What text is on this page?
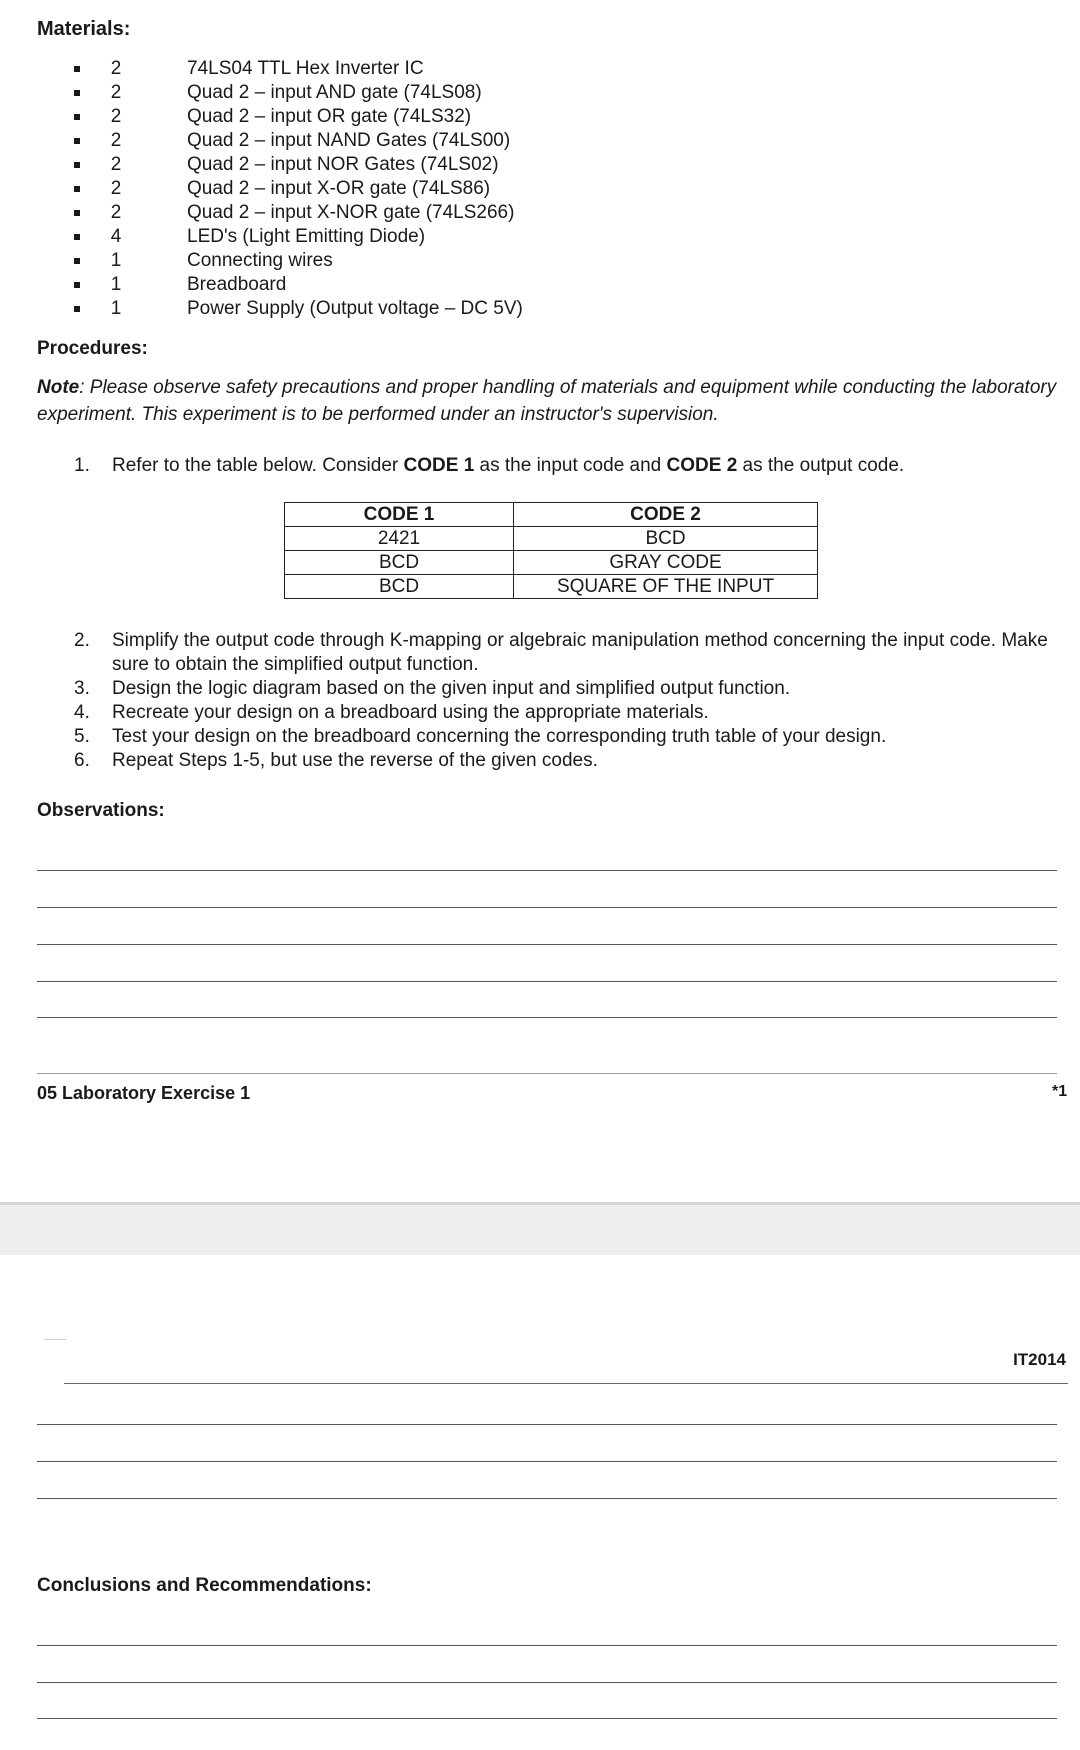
Materials:
2	74LS04 TTL Hex Inverter IC
2	Quad 2 – input AND gate (74LS08)
2	Quad 2 – input OR gate (74LS32)
2	Quad 2 – input NAND Gates (74LS00)
2	Quad 2 – input NOR Gates (74LS02)
2	Quad 2 – input X-OR gate (74LS86)
2	Quad 2 – input X-NOR gate (74LS266)
4	LED's (Light Emitting Diode)
1	Connecting wires
1	Breadboard
1	Power Supply (Output voltage – DC 5V)
Procedures:
Note: Please observe safety precautions and proper handling of materials and equipment while conducting the laboratory experiment. This experiment is to be performed under an instructor's supervision.
1.	Refer to the table below. Consider CODE 1 as the input code and CODE 2 as the output code.
CODE 1	CODE 2
2421	BCD
BCD	GRAY CODE
BCD	SQUARE OF THE INPUT
2. Simplify the output code through K-mapping or algebraic manipulation method concerning the input code. Make sure to obtain the simplified output function.
3. Design the logic diagram based on the given input and simplified output function.
4. Recreate your design on a breadboard using the appropriate materials.
5. Test your design on the breadboard concerning the corresponding truth table of your design.
6. Repeat Steps 1-5, but use the reverse of the given codes.
Observations:
05 Laboratory Exercise 1	*1
IT2014
Conclusions and Recommendations:
